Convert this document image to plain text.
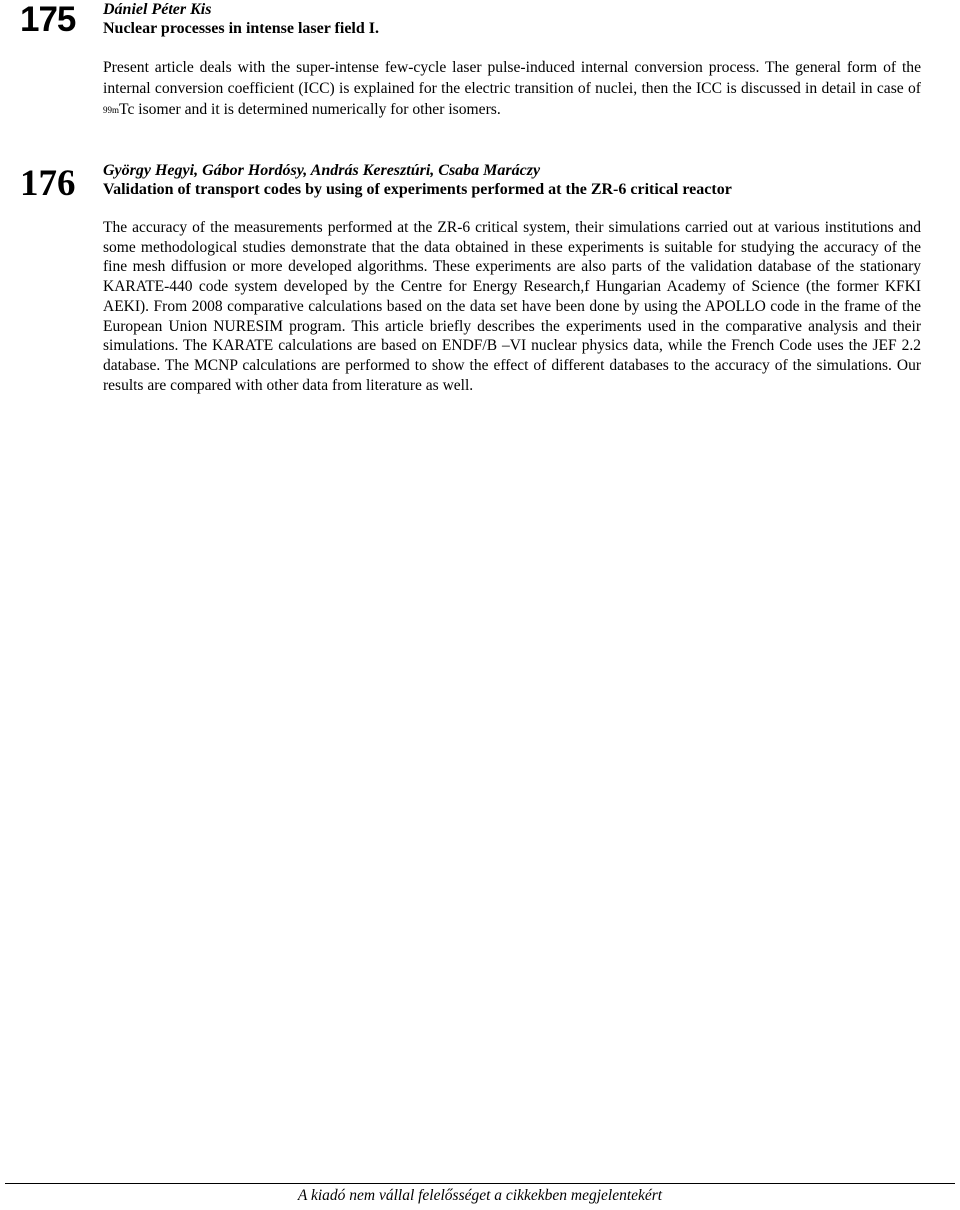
175 Dániel Péter Kis
Nuclear processes in intense laser field I.

Present article deals with the super-intense few-cycle laser pulse-induced internal conversion process. The general form of the internal conversion coefficient (ICC) is explained for the electric transition of nuclei, then the ICC is discussed in detail in case of $^{99m}$Tc isomer and it is determined numerically for other isomers.

176 György Hegyi, Gábor Hordósy, András Keresztúri, Csaba Maráczy
Validation of transport codes by using of experiments performed at the ZR-6 critical reactor

The accuracy of the measurements performed at the ZR-6 critical system, their simulations carried out at various institutions and some methodological studies demonstrate that the data obtained in these experiments is suitable for studying the accuracy of the fine mesh diffusion or more developed algorithms. These experiments are also parts of the validation database of the stationary KARATE-440 code system developed by the Centre for Energy Research,f Hungarian Academy of Science (the former KFKI AEKI). From 2008 comparative calculations based on the data set have been done by using the APOLLO code in the frame of the European Union NURESIM program. This article briefly describes the experiments used in the comparative analysis and their simulations. The KARATE calculations are based on ENDF/B –VI nuclear physics data, while the French Code uses the JEF 2.2 database. The MCNP calculations are performed to show the effect of different databases to the accuracy of the simulations. Our results are compared with other data from literature as well.

A kiadó nem vállal felelősséget a cikkekben megjelentekért
